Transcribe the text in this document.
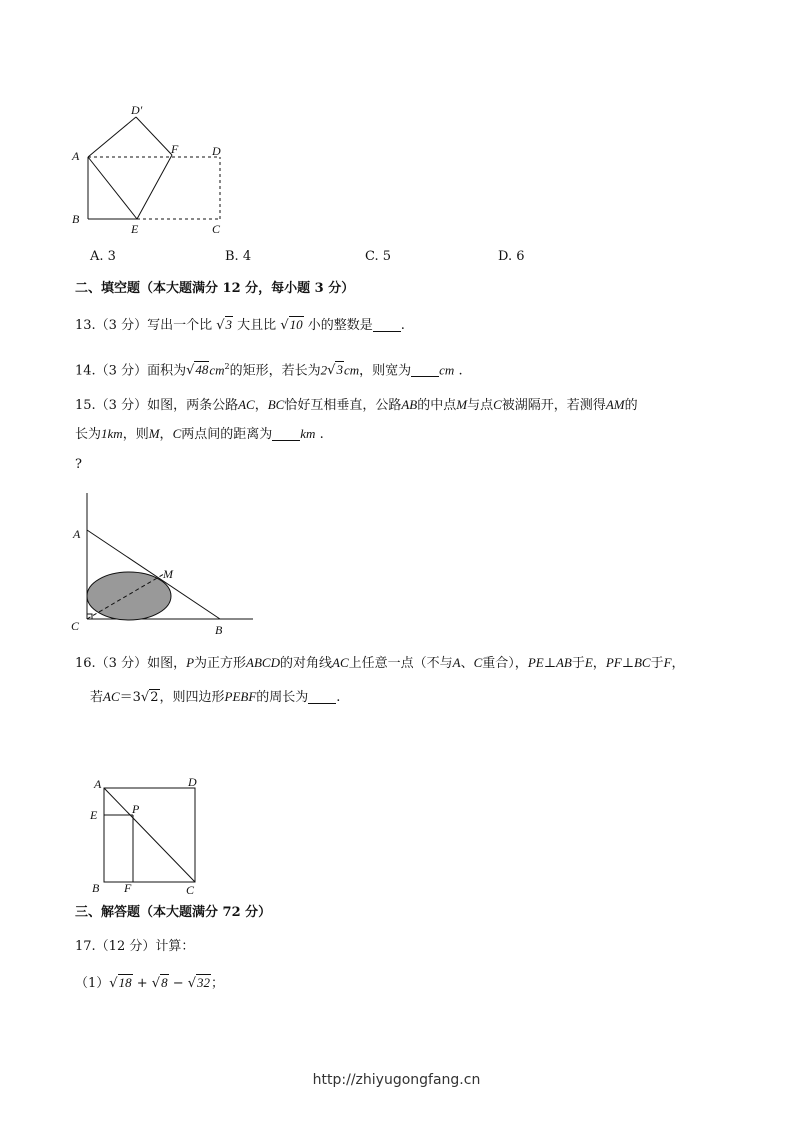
D′
A	F	D
B
E	C
A. 3	B. 4	C. 5	D. 6
二、填空题（本大题满分 12 分，每小题 3 分）
13.（3 分）写出一个比 √3 大且比 √10 小的整数是 .
14.（3 分）面积为$√48cm^2$的矩形，若长为2√3cm，则宽为 cm .
15.（3 分）如图，两条公路AC，BC恰好互相垂直，公路AB的中点M与点C被湖隔开，若测得AM的
长为1km，则M，C两点间的距离为 km .
?
A
M
C	B
16.（3 分）如图，P为正方形ABCD的对角线AC上任意一点（不与A、C重合），PE⊥AB于E，PF⊥BC于F，
若AC＝3√2，则四边形PEBF的周长为 .
A	D
E	P
B F	C
三、解答题（本大题满分 72 分）
17.（12 分）计算：
（1）√18 + √8 − √32；
http://zhiyugongfang.cn
